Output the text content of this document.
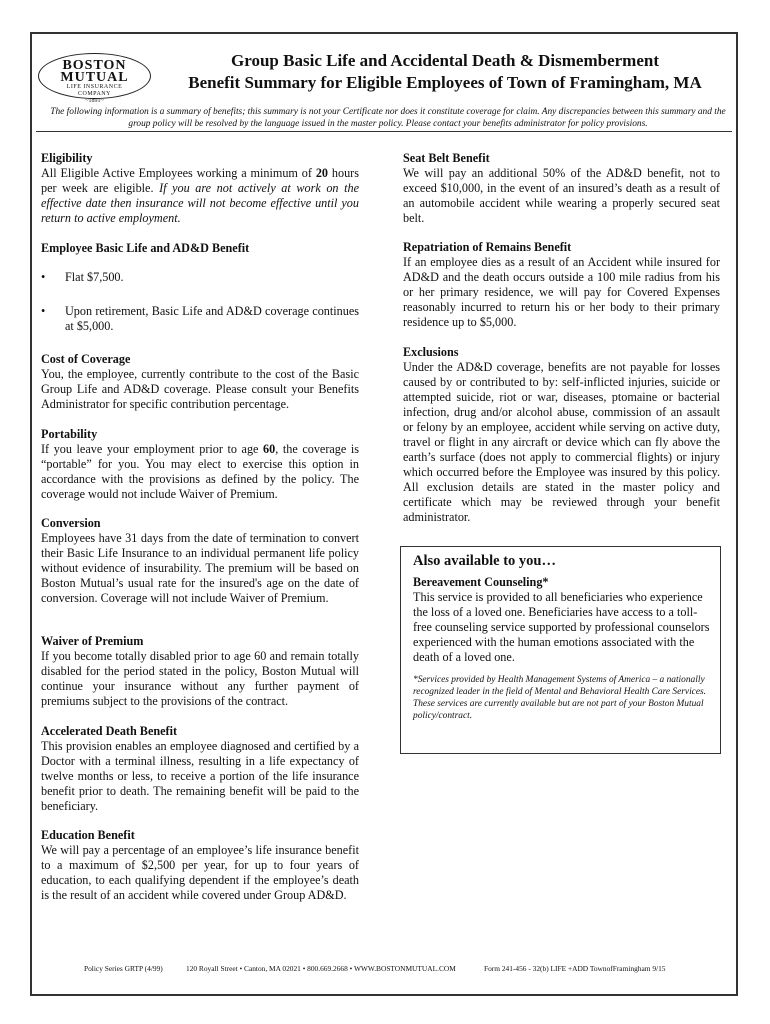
BOSTON
MUTUAL
LIFE INSURANCE
COMPANY
~1891~
Group Basic Life and Accidental Death & Dismemberment
Benefit Summary for Eligible Employees of Town of Framingham, MA
The following information is a summary of benefits; this summary is not your Certificate nor does it constitute coverage for claim. Any discrepancies between this summary and the group policy will be resolved by the language issued in the master policy. Please contact your benefits administrator for policy provisions.
Eligibility
All Eligible Active Employees working a minimum of 20 hours per week are eligible. If you are not actively at work on the effective date then insurance will not become effective until you return to active employment.
Employee Basic Life and AD&D Benefit
• Flat $7,500.
• Upon retirement, Basic Life and AD&D coverage continues at $5,000.
Cost of Coverage
You, the employee, currently contribute to the cost of the Basic Group Life and AD&D coverage. Please consult your Benefits Administrator for specific contribution percentage.
Portability
If you leave your employment prior to age 60, the coverage is “portable” for you. You may elect to exercise this option in accordance with the provisions as defined by the policy. The coverage would not include Waiver of Premium.
Conversion
Employees have 31 days from the date of termination to convert their Basic Life Insurance to an individual permanent life policy without evidence of insurability. The premium will be based on Boston Mutual’s usual rate for the insured's age on the date of conversion. Coverage will not include Waiver of Premium.
Waiver of Premium
If you become totally disabled prior to age 60 and remain totally disabled for the period stated in the policy, Boston Mutual will continue your insurance without any further payment of premiums subject to the provisions of the contract.
Accelerated Death Benefit
This provision enables an employee diagnosed and certified by a Doctor with a terminal illness, resulting in a life expectancy of twelve months or less, to receive a portion of the life insurance benefit prior to death. The remaining benefit will be paid to the beneficiary.
Education Benefit
We will pay a percentage of an employee’s life insurance benefit to a maximum of $2,500 per year, for up to four years of education, to each qualifying dependent if the employee’s death is the result of an accident while covered under Group AD&D.
Seat Belt Benefit
We will pay an additional 50% of the AD&D benefit, not to exceed $10,000, in the event of an insured’s death as a result of an automobile accident while wearing a properly secured seat belt.
Repatriation of Remains Benefit
If an employee dies as a result of an Accident while insured for AD&D and the death occurs outside a 100 mile radius from his or her primary residence, we will pay for Covered Expenses reasonably incurred to return his or her body to their primary residence up to $5,000.
Exclusions
Under the AD&D coverage, benefits are not payable for losses caused by or contributed to by: self-inflicted injuries, suicide or attempted suicide, riot or war, diseases, ptomaine or bacterial infection, drug and/or alcohol abuse, commission of an assault or felony by an employee, accident while serving on active duty, travel or flight in any aircraft or device which can fly above the earth’s surface (does not apply to commercial flights) or injury which occurred before the Employee was insured by this policy. All exclusion details are stated in the master policy and certificate which may be reviewed through your benefit administrator.
Also available to you…
Bereavement Counseling*
This service is provided to all beneficiaries who experience the loss of a loved one. Beneficiaries have access to a toll-free counseling service supported by professional counselors experienced with the human emotions associated with the death of a loved one.
*Services provided by Health Management Systems of America – a nationally recognized leader in the field of Mental and Behavioral Health Care Services. These services are currently available but are not part of your Boston Mutual policy/contract.
Policy Series GRTP (4/99)	120 Royall Street • Canton, MA 02021 • 800.669.2668 • WWW.BOSTONMUTUAL.COM	Form 241-456 - 32(b) LIFE +ADD TownofFramingham 9/15
